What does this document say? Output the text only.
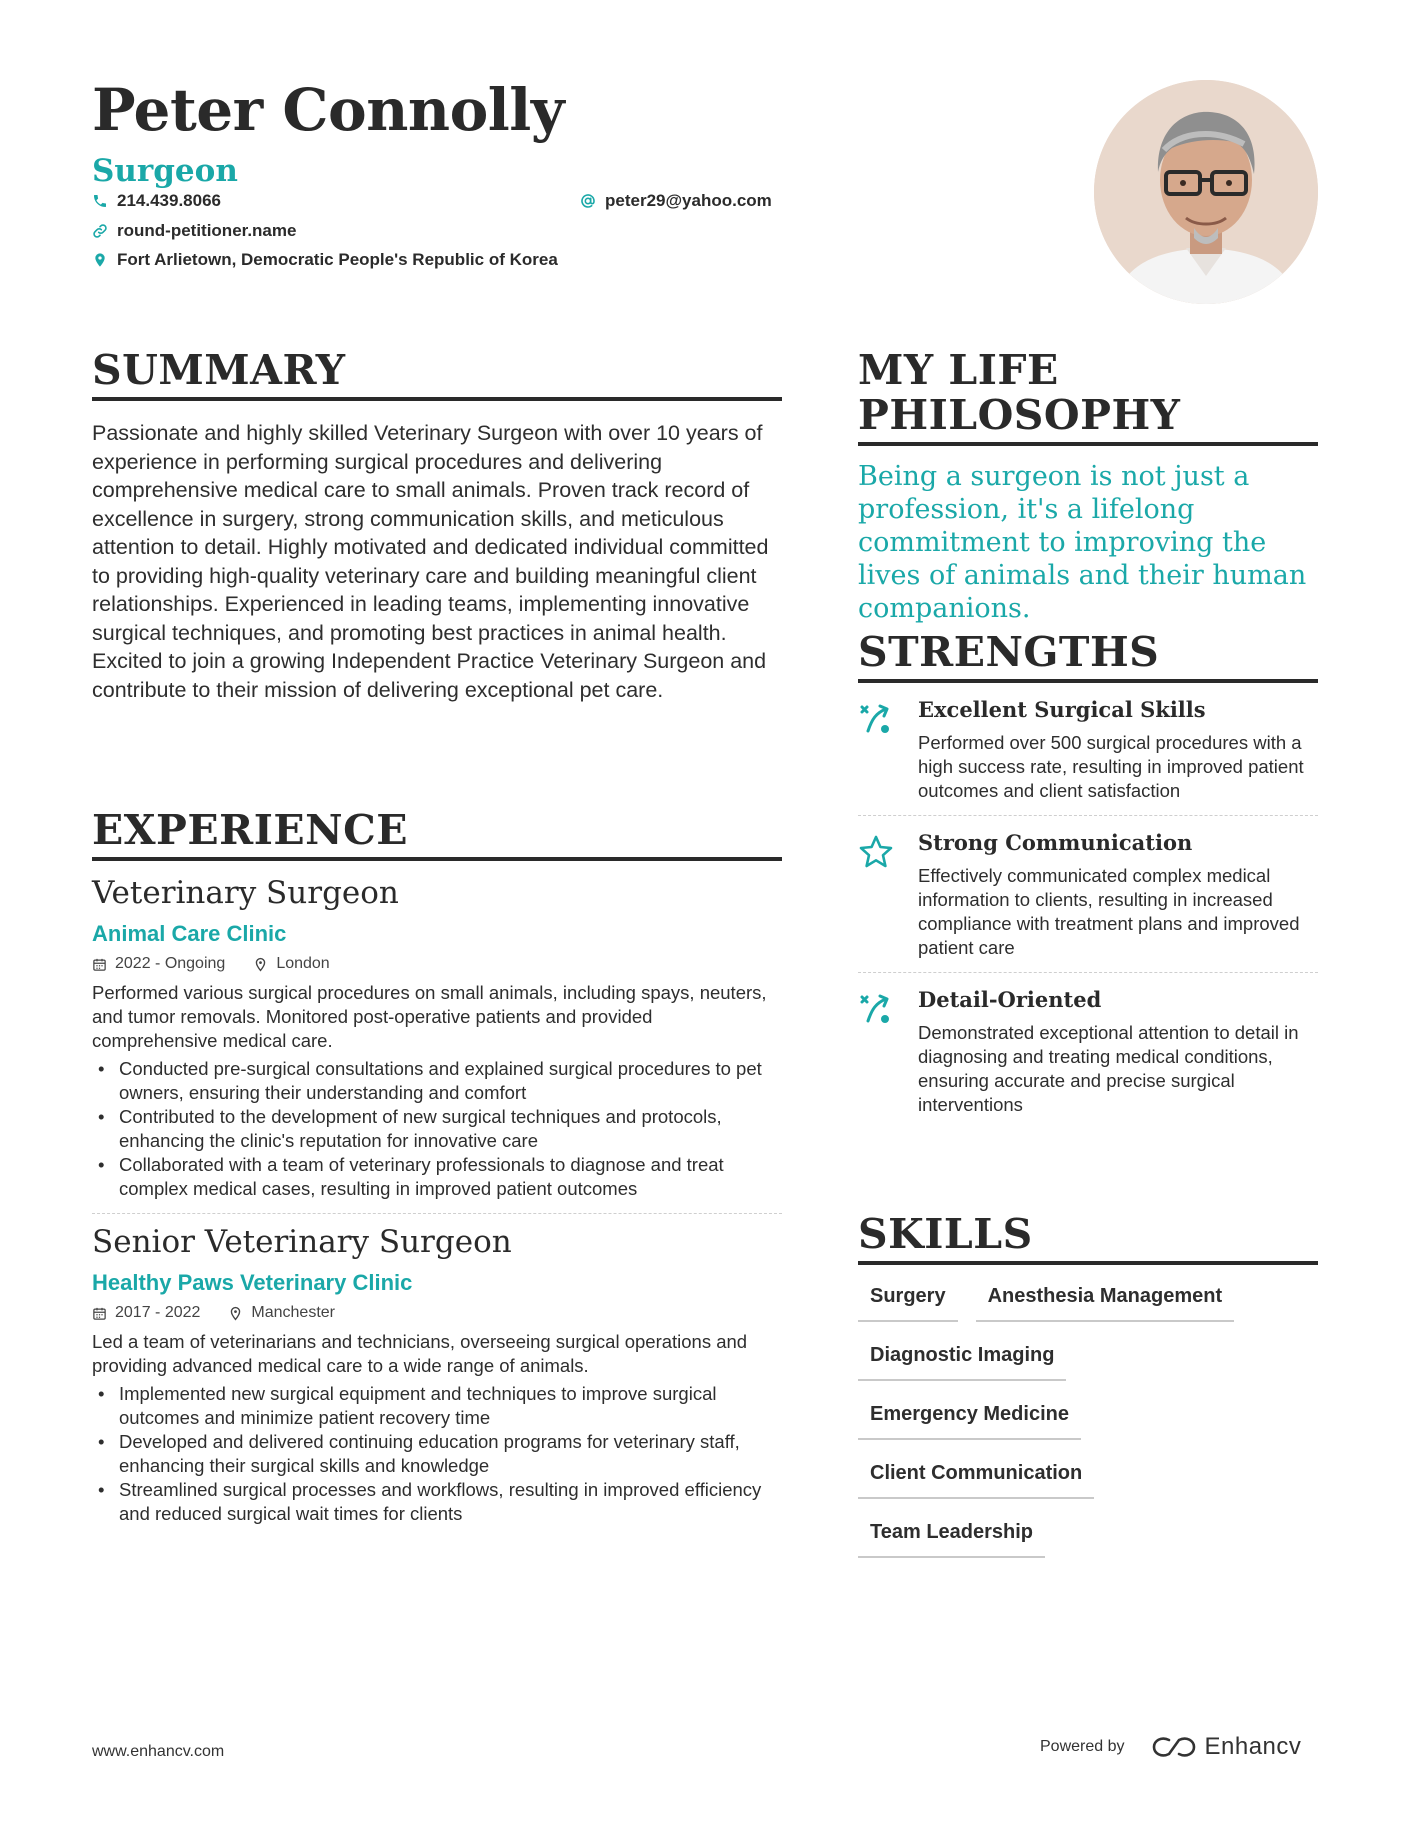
Peter Connolly
Surgeon
214.439.8066	peter29@yahoo.com
round-petitioner.name
Fort Arlietown, Democratic People's Republic of Korea
SUMMARY

Passionate and highly skilled Veterinary Surgeon with over 10 years of experience in performing surgical procedures and delivering comprehensive medical care to small animals. Proven track record of excellence in surgery, strong communication skills, and meticulous attention to detail. Highly motivated and dedicated individual committed to providing high-quality veterinary care and building meaningful client relationships. Experienced in leading teams, implementing innovative surgical techniques, and promoting best practices in animal health. Excited to join a growing Independent Practice Veterinary Surgeon and contribute to their mission of delivering exceptional pet care.

EXPERIENCE
Veterinary Surgeon
Animal Care Clinic
2022 - Ongoing	London

Performed various surgical procedures on small animals, including spays, neuters, and tumor removals. Monitored post-operative patients and provided comprehensive medical care.

• Conducted pre-surgical consultations and explained surgical procedures to pet owners, ensuring their understanding and comfort
• Contributed to the development of new surgical techniques and protocols, enhancing the clinic's reputation for innovative care
• Collaborated with a team of veterinary professionals to diagnose and treat complex medical cases, resulting in improved patient outcomes
Senior Veterinary Surgeon
Healthy Paws Veterinary Clinic
2017 - 2022	Manchester

Led a team of veterinarians and technicians, overseeing surgical operations and providing advanced medical care to a wide range of animals.

• Implemented new surgical equipment and techniques to improve surgical outcomes and minimize patient recovery time
• Developed and delivered continuing education programs for veterinary staff, enhancing their surgical skills and knowledge
• Streamlined surgical processes and workflows, resulting in improved efficiency and reduced surgical wait times for clients
MY LIFE PHILOSOPHY

Being a surgeon is not just a profession, it's a lifelong commitment to improving the lives of animals and their human companions.

STRENGTHS
Excellent Surgical Skills

Performed over 500 surgical procedures with a high success rate, resulting in improved patient outcomes and client satisfaction

Strong Communication

Effectively communicated complex medical information to clients, resulting in increased compliance with treatment plans and improved patient care

Detail-Oriented

Demonstrated exceptional attention to detail in diagnosing and treating medical conditions, ensuring accurate and precise surgical interventions

SKILLS
Surgery	Anesthesia Management
Diagnostic Imaging
Emergency Medicine
Client Communication
Team Leadership
www.enhancv.com	Powered by	Enhancv
